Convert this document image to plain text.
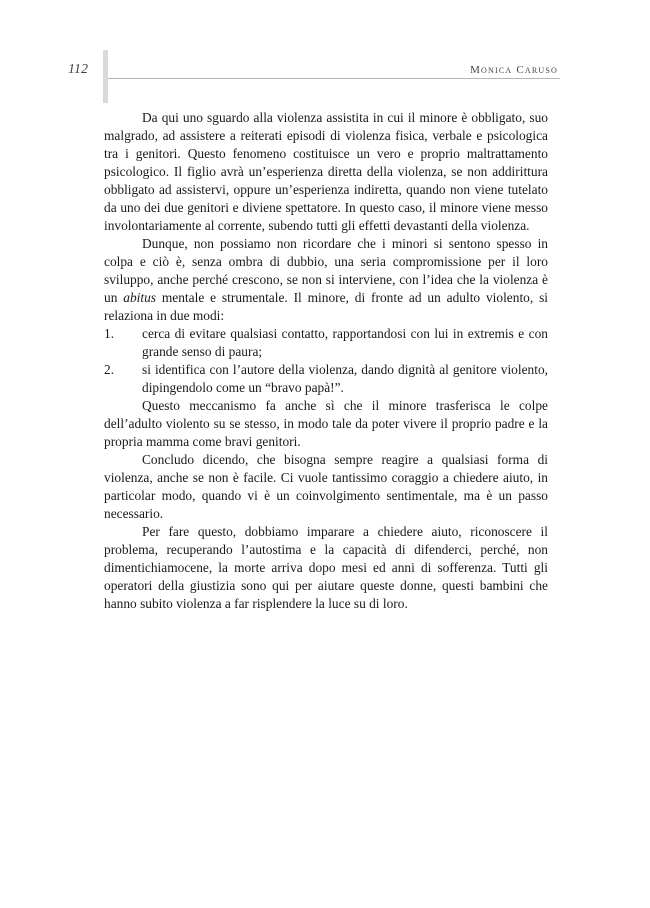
112	Monica Caruso

Da qui uno sguardo alla violenza assistita in cui il minore è obbligato, suo malgrado, ad assistere a reiterati episodi di violenza fisica, verbale e psicologica tra i genitori. Questo fenomeno costituisce un vero e proprio maltrattamento psicologico. Il figlio avrà un’esperienza diretta della violenza, se non addirittura obbligato ad assistervi, oppure un’esperienza indiretta, quando non viene tutelato da uno dei due genitori e diviene spettatore. In questo caso, il minore viene messo involontariamente al corrente, subendo tutti gli effetti devastanti della violenza.

Dunque, non possiamo non ricordare che i minori si sentono spesso in colpa e ciò è, senza ombra di dubbio, una seria compromissione per il loro sviluppo, anche perché crescono, se non si interviene, con l’idea che la violenza è un abitus mentale e strumentale. Il minore, di fronte ad un adulto violento, si relaziona in due modi:

1. cerca di evitare qualsiasi contatto, rapportandosi con lui in extremis e con grande senso di paura;
2. si identifica con l’autore della violenza, dando dignità al genitore violento, dipingendolo come un “bravo papà!”.

Questo meccanismo fa anche sì che il minore trasferisca le colpe dell’adulto violento su se stesso, in modo tale da poter vivere il proprio padre e la propria mamma come bravi genitori.

Concludo dicendo, che bisogna sempre reagire a qualsiasi forma di violenza, anche se non è facile. Ci vuole tantissimo coraggio a chiedere aiuto, in particolar modo, quando vi è un coinvolgimento sentimentale, ma è un passo necessario.

Per fare questo, dobbiamo imparare a chiedere aiuto, riconoscere il problema, recuperando l’autostima e la capacità di difenderci, perché, non dimentichiamocene, la morte arriva dopo mesi ed anni di sofferenza. Tutti gli operatori della giustizia sono qui per aiutare queste donne, questi bambini che hanno subito violenza a far risplendere la luce su di loro.
